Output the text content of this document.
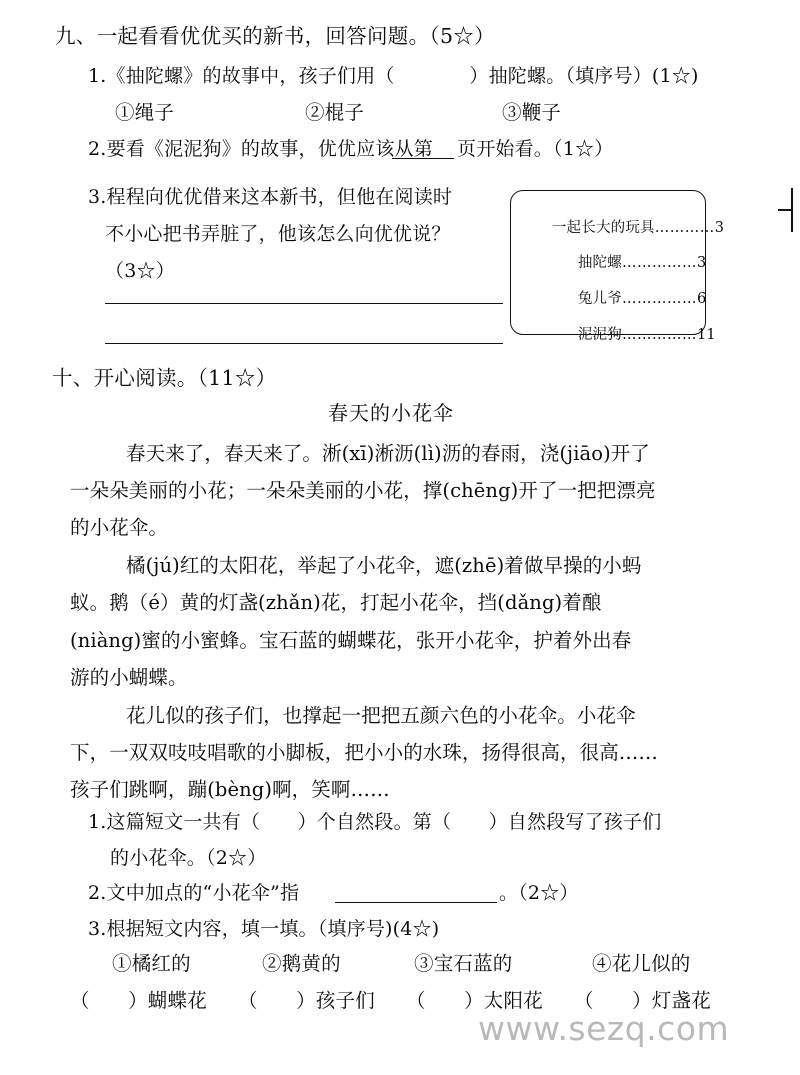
九、一起看看优优买的新书，回答问题。（5☆）
1.《抽陀螺》的故事中，孩子们用（            ）抽陀螺。（填序号）(1☆)
①绳子	②棍子	③鞭子
2.要看《泥泥狗》的故事，优优应该从第 页开始看。（1☆）
3.程程向优优借来这本新书，但他在阅读时
不小心把书弄脏了，他该怎么向优优说？
（3☆）

一起长大的玩具…………3

抽陀螺……………3

兔儿爷……………6

泥泥狗……………11

十、开心阅读。（11☆）
春天的小花伞
春天来了，春天来了。淅(xī)淅沥(lì)沥的春雨，浇(jiāo)开了
一朵朵美丽的小花；一朵朵美丽的小花，撑(chēng)开了一把把漂亮
的小花伞。
橘(jú)红的太阳花，举起了小花伞，遮(zhē)着做早操的小蚂
蚁。鹅（é）黄的灯盏(zhǎn)花，打起小花伞，挡(dǎng)着酿
(niàng)蜜的小蜜蜂。宝石蓝的蝴蝶花，张开小花伞，护着外出春
游的小蝴蝶。
花儿似的孩子们，也撑起一把把五颜六色的小花伞。小花伞
下，一双双吱吱唱歌的小脚板，把小小的水珠，扬得很高，很高……
孩子们跳啊，蹦(bèng)啊，笑啊……
1.这篇短文一共有（      ）个自然段。第（      ）自然段写了孩子们
的小花伞。（2☆）
2.文中加点的“小花伞”指	。（2☆）
3.根据短文内容，填一填。（填序号)(4☆)
①橘红的	②鹅黄的	③宝石蓝的	④花儿似的
（      ）蝴蝶花 （      ）孩子们 （      ）太阳花 （      ）灯盏花
www.sezq.com
